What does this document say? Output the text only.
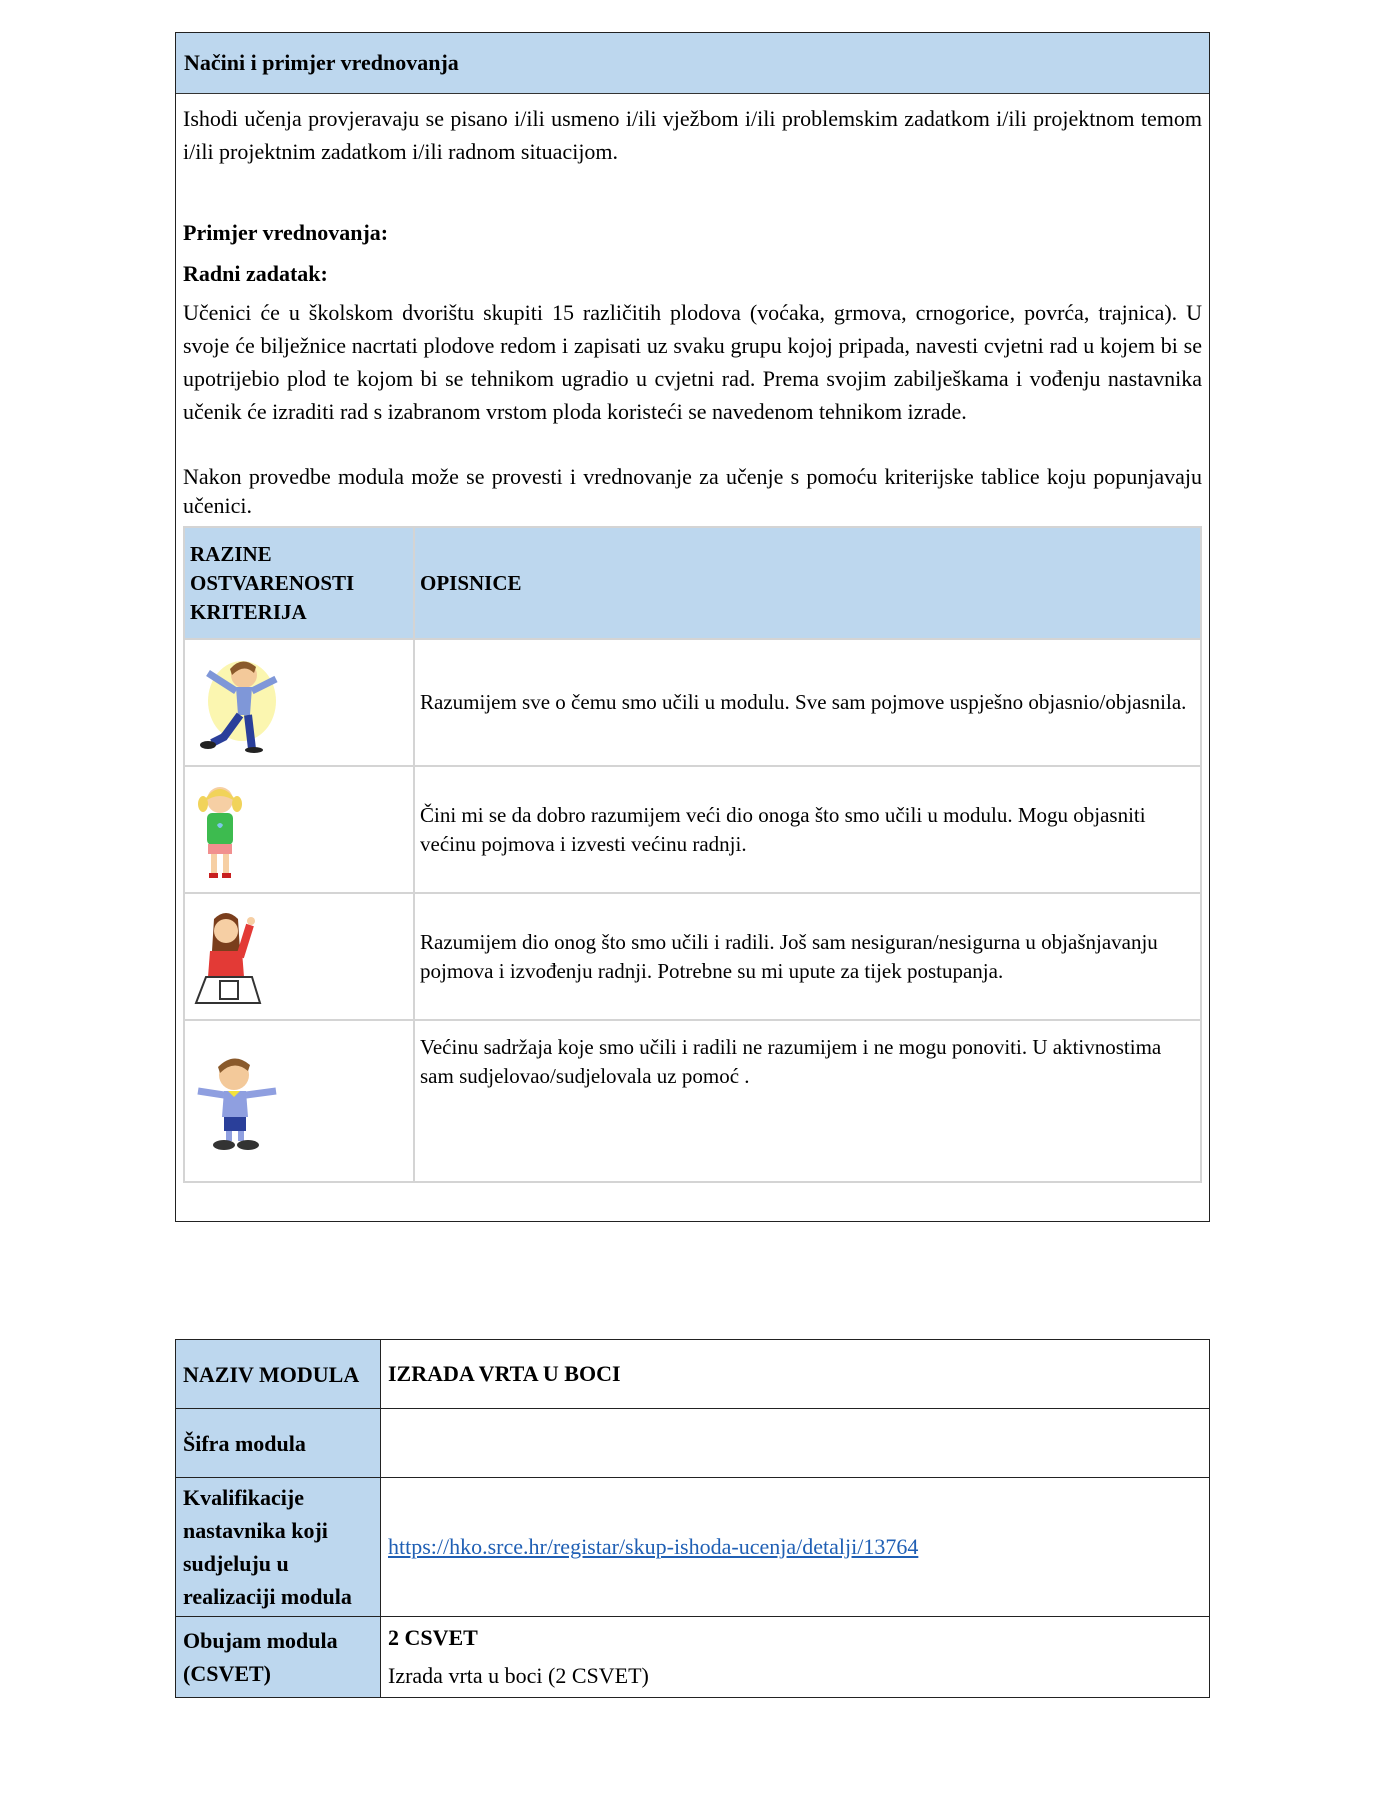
Načini i primjer vrednovanja

Ishodi učenja provjeravaju se pisano i/ili usmeno i/ili vježbom i/ili problemskim zadatkom i/ili projektnom temom i/ili projektnim zadatkom i/ili radnom situacijom.

Primjer vrednovanja:

Radni zadatak:

Učenici će u školskom dvorištu skupiti 15 različitih plodova (voćaka, grmova, crnogorice, povrća, trajnica). U svoje će bilježnice nacrtati plodove redom i zapisati uz svaku grupu kojoj pripada, navesti cvjetni rad u kojem bi se upotrijebio plod te kojom bi se tehnikom ugradio u cvjetni rad. Prema svojim zabilješkama i vođenju nastavnika učenik će izraditi rad s izabranom vrstom ploda koristeći se navedenom tehnikom izrade.

Nakon provedbe modula može se provesti i vrednovanje za učenje s pomoću kriterijske tablice koju popunjavaju učenici.

RAZINE OSTVARENOSTI KRITERIJA	OPISNICE

	Razumijem sve o čemu smo učili u modulu. Sve sam pojmove uspješno objasnio/objasnila.

	Čini mi se da dobro razumijem veći dio onoga što smo učili u modulu. Mogu objasniti većinu pojmova i izvesti većinu radnji.

	Razumijem dio onog što smo učili i radili. Još sam nesiguran/nesigurna u objašnjavanju pojmova i izvođenju radnji. Potrebne su mi upute za tijek postupanja.

	Većinu sadržaja koje smo učili i radili ne razumijem i ne mogu ponoviti. U aktivnostima sam sudjelovao/sudjelovala uz pomoć .
NAZIV MODULA	IZRADA VRTA U BOCI
Šifra modula	
Kvalifikacije nastavnika koji sudjeluju u realizaciji modula	https://hko.srce.hr/registar/skup-ishoda-ucenja/detalji/13764
Obujam modula (CSVET)	2 CSVET
Izrada vrta u boci (2 CSVET)
